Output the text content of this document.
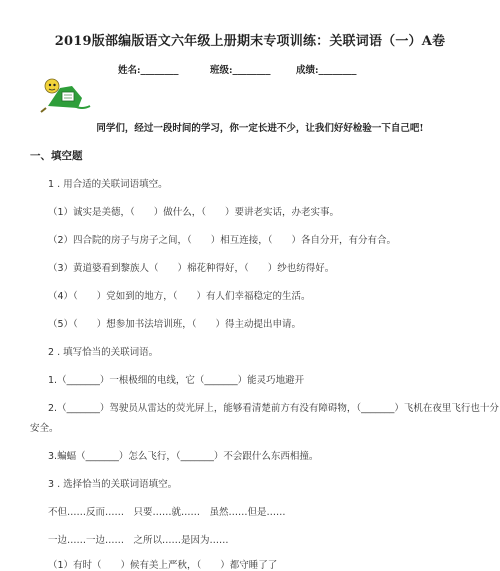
2019版部编版语文六年级上册期末专项训练：关联词语（一）A卷
姓名:________	班级:________	成绩:________
同学们，经过一段时间的学习，你一定长进不少，让我们好好检验一下自己吧!
一、填空题
1 . 用合适的关联词语填空。
（1）诚实是美德，（　　）做什么，（　　）要讲老实话，办老实事。
（2）四合院的房子与房子之间，（　　）相互连接，（　　）各自分开，有分有合。
（3）黄道婆看到黎族人（　　）棉花种得好，（　　）纱也纺得好。
（4）（　　）党如到的地方，（　　）有人们幸福稳定的生活。
（5）（　　）想参加书法培训班，（　　）得主动提出申请。
2 . 填写恰当的关联词语。
1.（_______）一根极细的电线，它（_______）能灵巧地避开
2.（_______）驾驶员从雷达的荧光屏上，能够看清楚前方有没有障碍物，（_______）飞机在夜里飞行也十分
安全。
3.蝙蝠（_______）怎么飞行，（_______）不会跟什么东西相撞。
3 . 选择恰当的关联词语填空。
不但……反而……　只要……就……　虽然……但是……
一边……一边……　之所以……是因为……
（1）有时（　　）候有美上严秋，（　　）都守睡了了
